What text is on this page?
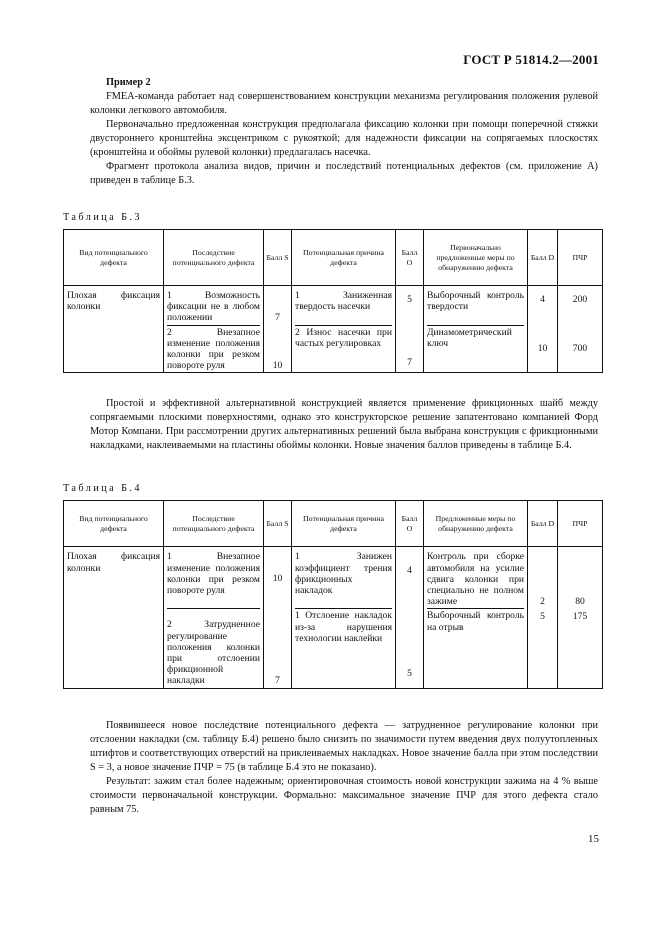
ГОСТ Р 51814.2—2001

Пример 2

FMEA-команда работает над совершенствованием конструкции механизма регулирования положения рулевой колонки легкового автомобиля.

Первоначально предложенная конструкция предполагала фиксацию колонки при помощи поперечной стяжки двустороннего кронштейна эксцентриком с рукояткой; для надежности фиксации на сопрягаемых плоскостях (кронштейна и обоймы рулевой колонки) предлагалась насечка.

Фрагмент протокола анализа видов, причин и последствий потенциальных дефектов (см. приложение А) приведен в таблице Б.3.

Таблица Б.3

Вид потенциального дефекта	Последствие потенциального дефекта	Балл S	Потенциальная причина дефекта	Балл O	Первоначально предложенные меры по обнаружению дефекта	Балл D	ПЧР
Плохая фиксация колонки	1 Возможность фиксации не в любом положении	7	1 Заниженная твердость насечки	5	Выборочный контроль твердости	4	200

	2 Внезапное изменение положения колонки при резком повороте руля	10	2 Износ насечки при частых регулировках	7	Динамометрический ключ	10	700

Простой и эффективной альтернативной конструкцией является применение фрикционных шайб между сопрягаемыми плоскими поверхностями, однако это конструкторское решение запатентовано компанией Форд Мотор Компани. При рассмотрении других альтернативных решений была выбрана конструкция с фрикционными накладками, наклеиваемыми на пластины обоймы колонки. Новые значения баллов приведены в таблице Б.4.

Таблица Б.4

Вид потенциального дефекта	Последствие потенциального дефекта	Балл S	Потенциальная причина дефекта	Балл O	Предложенные меры по обнаружению дефекта	Балл D	ПЧР
Плохая фиксация колонки	1 Внезапное изменение положения колонки при резком повороте руля	10	1 Занижен коэффициент трения фрикционных накладок	4	Контроль при сборке автомобиля на усилие сдвига колонки при специально не полном зажиме	2	80

	2 Затрудненное регулирование положения колонки при отслоении фрикционной накладки	7	1 Отслоение накладок из-за нарушения технологии наклейки	5	Выборочный контроль на отрыв	5	175

Появившееся новое последствие потенциального дефекта — затрудненное регулирование колонки при отслоении накладки (см. таблицу Б.4) решено было снизить по значимости путем введения двух полуутопленных штифтов и соответствующих отверстий на приклеиваемых накладках. Новое значение балла при этом последствии S = 3, а новое значение ПЧР = 75 (в таблице Б.4 это не показано).

Результат: зажим стал более надежным; ориентировочная стоимость новой конструкции зажима на 4 % выше стоимости первоначальной конструкции. Формально: максимальное значение ПЧР для этого дефекта стало равным 75.

15
